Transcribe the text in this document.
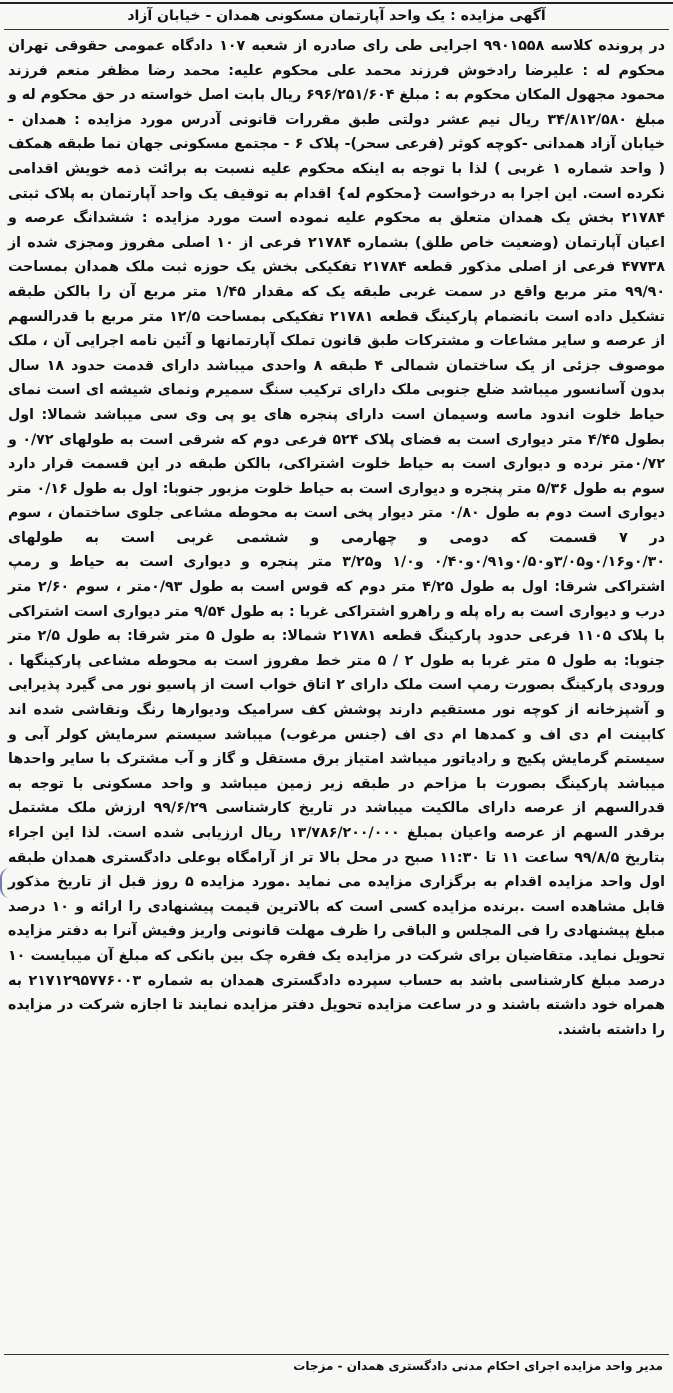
آگهی مزایده : یک واحد آپارتمان مسکونی همدان - خیابان آزاد
در پرونده کلاسه ۹۹۰۱۵۵۸ اجرایی طی رای صادره از شعبه ۱۰۷ دادگاه عمومی حقوقی تهران محکوم له : علیرضا رادخوش فرزند محمد علی محکوم علیه: محمد رضا مظفر منعم فرزند محمود مجهول المکان محکوم به : مبلغ ۶۹۶/۲۵۱/۶۰۴ ریال بابت اصل خواسته در حق محکوم له و مبلغ ۳۴/۸۱۲/۵۸۰ ریال نیم عشر دولتی طبق مقررات قانونی آدرس مورد مزایده : همدان - خیابان آزاد همدانی -کوچه کوثر (فرعی سحر)- پلاک ۶ - مجتمع مسکونی جهان نما طبقه همکف ( واحد شماره ۱ غربی ) لذا با توجه به اینکه محکوم علیه نسبت به برائت ذمه خویش اقدامی نکرده است. این اجرا به درخواست {محکوم له} اقدام به توقیف یک واحد آپارتمان به پلاک ثبتی ۲۱۷۸۴ بخش یک همدان متعلق به محکوم علیه نموده است مورد مزایده : ششدانگ عرصه و اعیان آپارتمان (وضعیت خاص طلق) بشماره ۲۱۷۸۴ فرعی از ۱۰ اصلی مفروز ومجزی شده از ۴۷۷۳۸ فرعی از اصلی مذکور قطعه ۲۱۷۸۴ تفکیکی بخش یک حوزه ثبت ملک همدان بمساحت ۹۹/۹۰ متر مربع واقع در سمت غربی طبقه یک که مقدار ۱/۴۵ متر مربع آن را بالکن طبقه تشکیل داده است بانضمام پارکینگ قطعه ۲۱۷۸۱ تفکیکی بمساحت ۱۲/۵ متر مربع با قدرالسهم از عرصه و سایر مشاعات و مشترکات طبق قانون تملک آپارتمانها و آئین نامه اجرایی آن ، ملک موصوف جزئی از یک ساختمان شمالی ۴ طبقه ۸ واحدی میباشد دارای قدمت حدود ۱۸ سال بدون آسانسور میباشد ضلع جنوبی ملک دارای ترکیب سنگ سمیرم ونمای شیشه ای است نمای حیاط خلوت اندود ماسه وسیمان است دارای پنجره های یو پی وی سی میباشد شمالا: اول بطول ۴/۴۵ متر دیواری است به فضای پلاک ۵۲۴ فرعی دوم که شرقی است به طولهای ۰/۷۲ و ۰/۷۲متر نرده و دیواری است به حیاط خلوت اشتراکی، بالکن طبقه در این قسمت قرار دارد سوم به طول ۵/۳۶ متر پنجره و دیواری است به حیاط خلوت مزبور جنوبا: اول به طول ۰/۱۶ متر دیواری است دوم به طول ۰/۸۰ متر دیوار پخی است به محوطه مشاعی جلوی ساختمان ، سوم در ۷ قسمت که دومی و چهارمی و ششمی غربی است به طولهای ۰/۳۰و۰/۱۶و۳/۰۵و۰/۵۰و۰/۹۱و۰/۴۰ و۱/۰ و۳/۲۵ متر پنجره و دیواری است به حیاط و رمپ اشتراکی شرقا: اول به طول ۴/۲۵ متر دوم که قوس است به طول ۰/۹۳متر ، سوم ۲/۶۰ متر درب و دیواری است به راه پله و راهرو اشتراکی غربا : به طول ۹/۵۴ متر دیواری است اشتراکی با پلاک ۱۱۰۵ فرعی حدود پارکینگ قطعه ۲۱۷۸۱ شمالا: به طول ۵ متر شرقا: به طول ۲/۵ متر جنوبا: به طول ۵ متر غربا به طول ۲ / ۵ متر خط مفروز است به محوطه مشاعی پارکینگها . ورودی پارکینگ بصورت رمپ است ملک دارای ۲ اتاق خواب است از پاسیو نور می گیرد پذیرایی و آشپزخانه از کوچه نور مستقیم دارند پوشش کف سرامیک ودیوارها رنگ ونقاشی شده اند کابینت ام دی اف و کمدها ام دی اف (جنس مرغوب) میباشد سیستم سرمایش کولر آبی و سیستم گرمایش پکیج و رادیاتور میباشد امتیاز برق مستقل و گاز و آب مشترک با سایر واحدها میباشد پارکینگ بصورت با مزاحم در طبقه زیر زمین میباشد و واحد مسکونی با توجه به قدرالسهم از عرصه دارای مالکیت میباشد در تاریخ کارشناسی ۹۹/۶/۲۹ ارزش ملک مشتمل برقدر السهم از عرصه واعیان بمبلغ ۱۳/۷۸۶/۲۰۰/۰۰۰ ریال ارزیابی شده است. لذا این اجراء بتاریخ ۹۹/۸/۵ ساعت ۱۱ تا ۱۱:۳۰ صبح در محل بالا تر از آرامگاه بوعلی دادگستری همدان طبقه اول واحد مزایده اقدام به برگزاری مزایده می نماید .مورد مزایده ۵ روز قبل از تاریخ مذکور قابل مشاهده است .برنده مزایده کسی است که بالاترین قیمت پیشنهادی را ارائه و ۱۰ درصد مبلغ پیشنهادی را فی المجلس و الباقی را ظرف مهلت قانونی واریز وفیش آنرا به دفتر مزایده تحویل نماید. متقاضیان برای شرکت در مزایده یک فقره چک بین بانکی که مبلغ آن میبایست ۱۰ درصد مبلغ کارشناسی باشد به حساب سپرده دادگستری همدان به شماره ۲۱۷۱۲۹۵۷۷۶۰۰۳ به همراه خود داشته باشند و در ساعت مزایده تحویل دفتر مزایده نمایند تا اجازه شرکت در مزایده را داشته باشند.
مدیر واحد مزایده اجرای احکام مدنی دادگستری همدان - مزجات
